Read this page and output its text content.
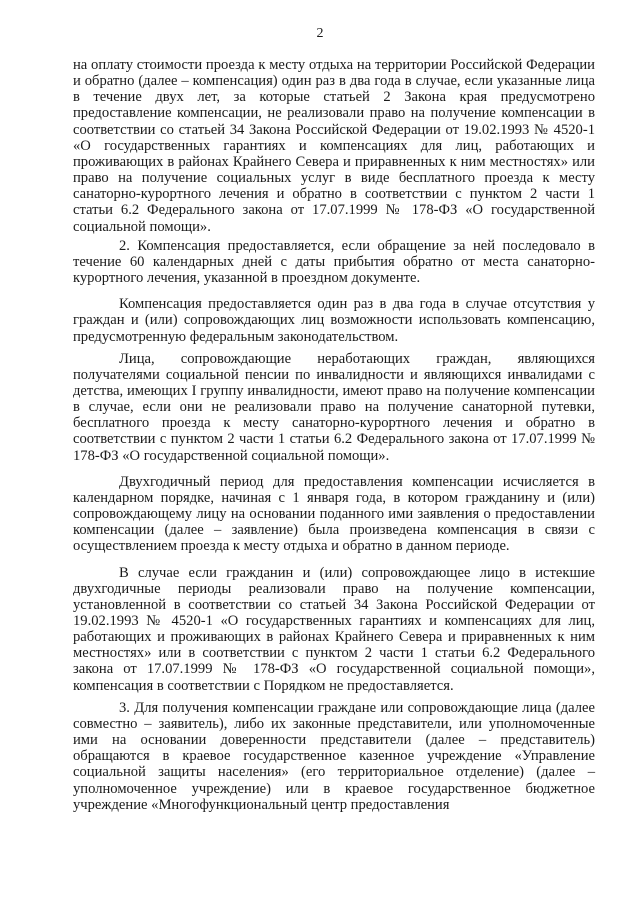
2

на оплату стоимости проезда к месту отдыха на территории Российской Федерации и обратно (далее – компенсация) один раз в два года в случае, если указанные лица в течение двух лет, за которые статьей 2 Закона края предусмотрено предоставление компенсации, не реализовали право на получение компенсации в соответствии со статьей 34 Закона Российской Федерации от 19.02.1993 № 4520-1 «О государственных гарантиях и компенсациях для лиц, работающих и проживающих в районах Крайнего Севера и приравненных к ним местностях» или право на получение социальных услуг в виде бесплатного проезда к месту санаторно-курортного лечения и обратно в соответствии с пунктом 2 части 1 статьи 6.2 Федерального закона от 17.07.1999 № 178-ФЗ «О государственной социальной помощи».

2. Компенсация предоставляется, если обращение за ней последовало в течение 60 календарных дней с даты прибытия обратно от места санаторно-курортного лечения, указанной в проездном документе.

Компенсация предоставляется один раз в два года в случае отсутствия у граждан и (или) сопровождающих лиц возможности использовать компенсацию, предусмотренную федеральным законодательством.

Лица, сопровождающие неработающих граждан, являющихся получателями социальной пенсии по инвалидности и являющихся инвалидами с детства, имеющих I группу инвалидности, имеют право на получение компенсации в случае, если они не реализовали право на получение санаторной путевки, бесплатного проезда к месту санаторно-курортного лечения и обратно в соответствии с пунктом 2 части 1 статьи 6.2 Федерального закона от 17.07.1999 № 178-ФЗ «О государственной социальной помощи».

Двухгодичный период для предоставления компенсации исчисляется в календарном порядке, начиная с 1 января года, в котором гражданину и (или) сопровождающему лицу на основании поданного ими заявления о предоставлении компенсации (далее – заявление) была произведена компенсация в связи с осуществлением проезда к месту отдыха и обратно в данном периоде.

В случае если гражданин и (или) сопровождающее лицо в истекшие двухгодичные периоды реализовали право на получение компенсации, установленной в соответствии со статьей 34 Закона Российской Федерации от 19.02.1993 № 4520-1 «О государственных гарантиях и компенсациях для лиц, работающих и проживающих в районах Крайнего Севера и приравненных к ним местностях» или в соответствии с пунктом 2 части 1 статьи 6.2 Федерального закона от 17.07.1999 № 178-ФЗ «О государственной социальной помощи», компенсация в соответствии с Порядком не предоставляется.

3. Для получения компенсации граждане или сопровождающие лица (далее совместно – заявитель), либо их законные представители, или уполномоченные ими на основании доверенности представители (далее – представитель) обращаются в краевое государственное казенное учреждение «Управление социальной защиты населения» (его территориальное отделение) (далее – уполномоченное учреждение) или в краевое государственное бюджетное учреждение «Многофункциональный центр предоставления
